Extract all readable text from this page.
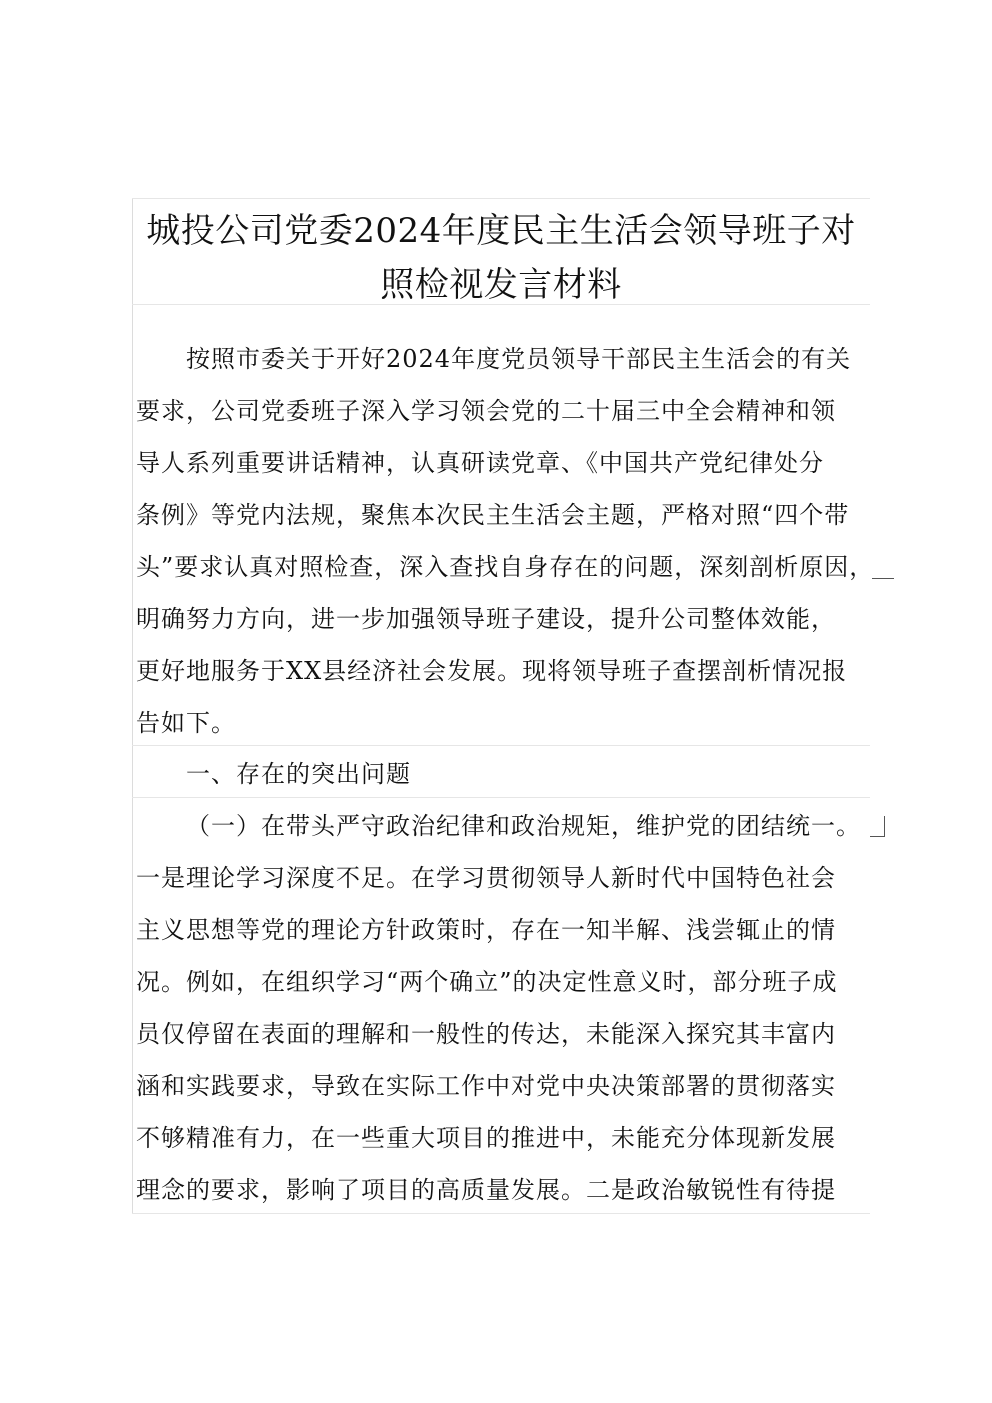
城投公司党委2024年度民主生活会领导班子对
照检视发言材料
按照市委关于开好2024年度党员领导干部民主生活会的有关
要求，公司党委班子深入学习领会党的二十届三中全会精神和领
导人系列重要讲话精神，认真研读党章、《中国共产党纪律处分
条例》等党内法规，聚焦本次民主生活会主题，严格对照“四个带
头”要求认真对照检查，深入查找自身存在的问题，深刻剖析原因，
明确努力方向，进一步加强领导班子建设，提升公司整体效能，
更好地服务于XX县经济社会发展。现将领导班子查摆剖析情况报
告如下。
一、存在的突出问题
（一）在带头严守政治纪律和政治规矩，维护党的团结统一。
一是理论学习深度不足。在学习贯彻领导人新时代中国特色社会
主义思想等党的理论方针政策时，存在一知半解、浅尝辄止的情
况。例如，在组织学习“两个确立”的决定性意义时，部分班子成
员仅停留在表面的理解和一般性的传达，未能深入探究其丰富内
涵和实践要求，导致在实际工作中对党中央决策部署的贯彻落实
不够精准有力，在一些重大项目的推进中，未能充分体现新发展
理念的要求，影响了项目的高质量发展。二是政治敏锐性有待提
